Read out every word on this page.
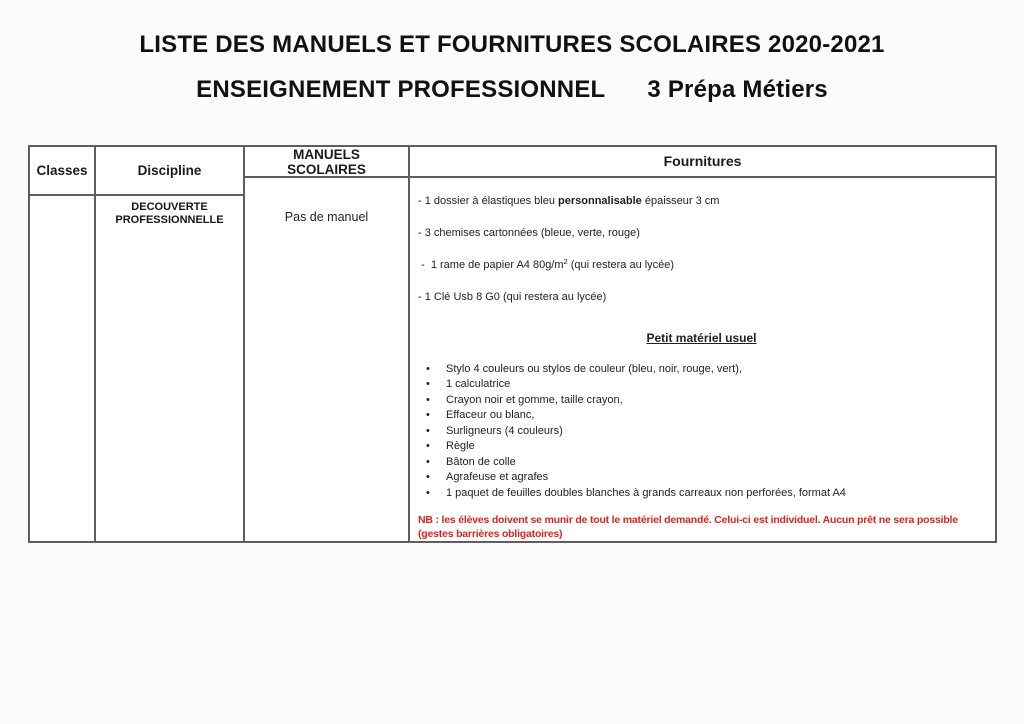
LISTE DES MANUELS ET FOURNITURES SCOLAIRES 2020-2021
ENSEIGNEMENT PROFESSIONNEL 3 Prépa Métiers
Classes	Discipline
DECOUVERTE PROFESSIONNELLE
MANUELS
SCOLAIRES
Pas de manuel
Fournitures

- 1 dossier à élastiques bleu personnalisable épaisseur 3 cm

- 3 chemises cartonnées (bleue, verte, rouge)

-  1 rame de papier A4 $80g/m^2$ (qui restera au lycée)

- 1 Clé Usb 8 G0 (qui restera au lycée)

Petit matériel usuel

• Stylo 4 couleurs ou stylos de couleur (bleu, noir, rouge, vert),
• 1 calculatrice
• Crayon noir et gomme, taille crayon,
• Effaceur ou blanc,
• Surligneurs (4 couleurs)
• Règle
• Bâton de colle
• Agrafeuse et agrafes
• 1 paquet de feuilles doubles blanches à grands carreaux non perforées, format A4

NB : les élèves doivent se munir de tout le matériel demandé. Celui-ci est individuel. Aucun prêt ne sera possible
(gestes barrières obligatoires)
